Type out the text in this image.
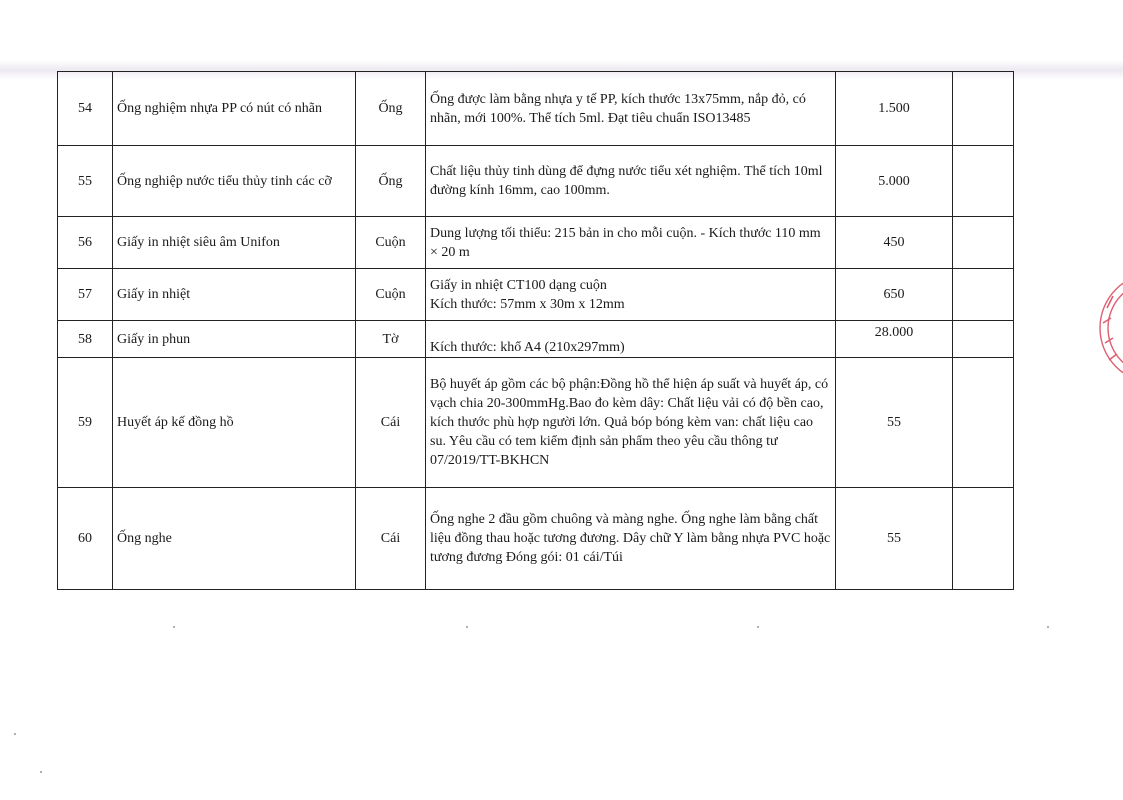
54	Ống nghiệm nhựa PP có nút có nhãn	Ống	Ống được làm bằng nhựa y tế PP, kích thước 13x75mm, nắp đỏ, có nhãn, mới 100%. Thể tích 5ml. Đạt tiêu chuẩn ISO13485	1.500	
55	Ống nghiệp nước tiểu thủy tinh các cỡ	Ống	Chất liệu thủy tinh dùng để đựng nước tiểu xét nghiệm. Thể tích 10ml đường kính 16mm, cao 100mm.	5.000	
56	Giấy in nhiệt siêu âm Unifon	Cuộn	Dung lượng tối thiểu: 215 bản in cho mỗi cuộn. - Kích thước 110 mm × 20 m	450	
57	Giấy in nhiệt	Cuộn	Giấy in nhiệt CT100 dạng cuộn
Kích thước: 57mm x 30m x 12mm	650	
58	Giấy in phun	Tờ	Kích thước: khổ A4 (210x297mm)	28.000	
59	Huyết áp kế đồng hồ	Cái	Bộ huyết áp gồm các bộ phận:Đồng hồ thể hiện áp suất và huyết áp, có vạch chia 20-300mmHg.Bao đo kèm dây: Chất liệu vải có độ bền cao, kích thước phù hợp người lớn. Quả bóp bóng kèm van: chất liệu cao su. Yêu cầu có tem kiểm định sản phẩm theo yêu cầu thông tư 07/2019/TT-BKHCN	55	
60	Ống nghe	Cái	Ống nghe 2 đầu gồm chuông và màng nghe. Ống nghe làm bằng chất liệu đồng thau hoặc tương đương. Dây chữ Y làm bằng nhựa PVC hoặc tương đương Đóng gói: 01 cái/Túi	55	
